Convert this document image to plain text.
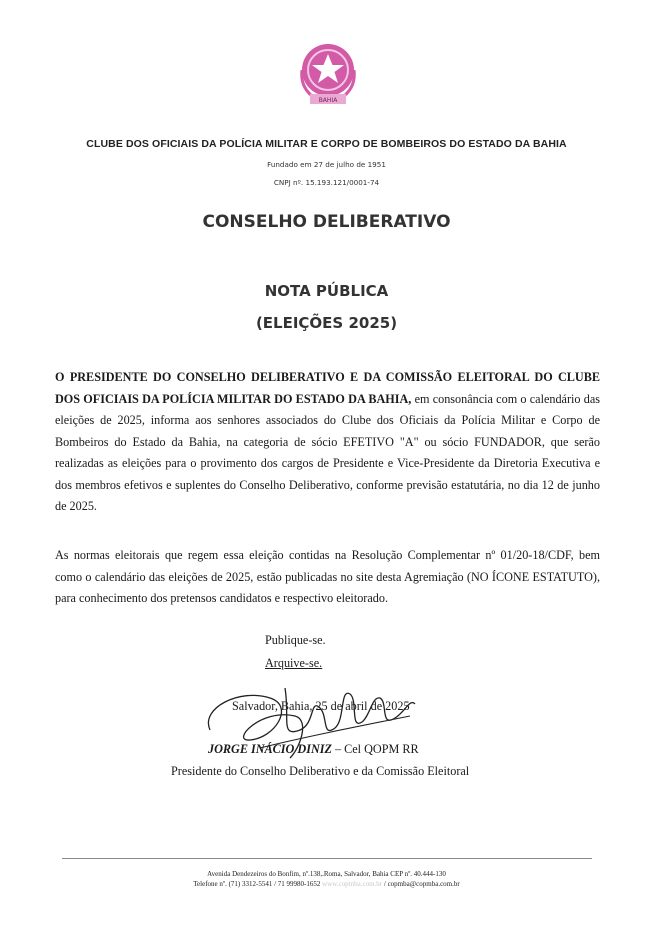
BAHIA
CLUBE DOS OFICIAIS DA POLÍCIA MILITAR E CORPO DE BOMBEIROS DO ESTADO DA BAHIA
Fundado em 27 de julho de 1951
CNPJ nº. 15.193.121/0001-74
CONSELHO DELIBERATIVO
NOTA PÚBLICA
(ELEIÇÕES 2025)
O PRESIDENTE DO CONSELHO DELIBERATIVO E DA COMISSÃO ELEITORAL DO CLUBE DOS OFICIAIS DA POLÍCIA MILITAR DO ESTADO DA BAHIA, em consonância com o calendário das eleições de 2025, informa aos senhores associados do Clube dos Oficiais da Polícia Militar e Corpo de Bombeiros do Estado da Bahia, na categoria de sócio EFETIVO "A" ou sócio FUNDADOR, que serão realizadas as eleições para o provimento dos cargos de Presidente e Vice-Presidente da Diretoria Executiva e dos membros efetivos e suplentes do Conselho Deliberativo, conforme previsão estatutária, no dia 12 de junho de 2025.
As normas eleitorais que regem essa eleição contidas na Resolução Complementar nº 01/20-18/CDF, bem como o calendário das eleições de 2025, estão publicadas no site desta Agremiação (NO ÍCONE ESTATUTO), para conhecimento dos pretensos candidatos e respectivo eleitorado.
Publique-se.
Arquive-se.
Salvador, Bahia, 25 de abril de 2025
JORGE INÁCIO DINIZ – Cel QOPM RR
Presidente do Conselho Deliberativo e da Comissão Eleitoral
Avenida Dendezeiros do Bonfim, nº.138,.Roma, Salvador, Bahia CEP nº. 40.444-130
Telefone nº. (71) 3312-5541 / 71 99980-1652 www.copmba.com.br / copmba@copmba.com.br
